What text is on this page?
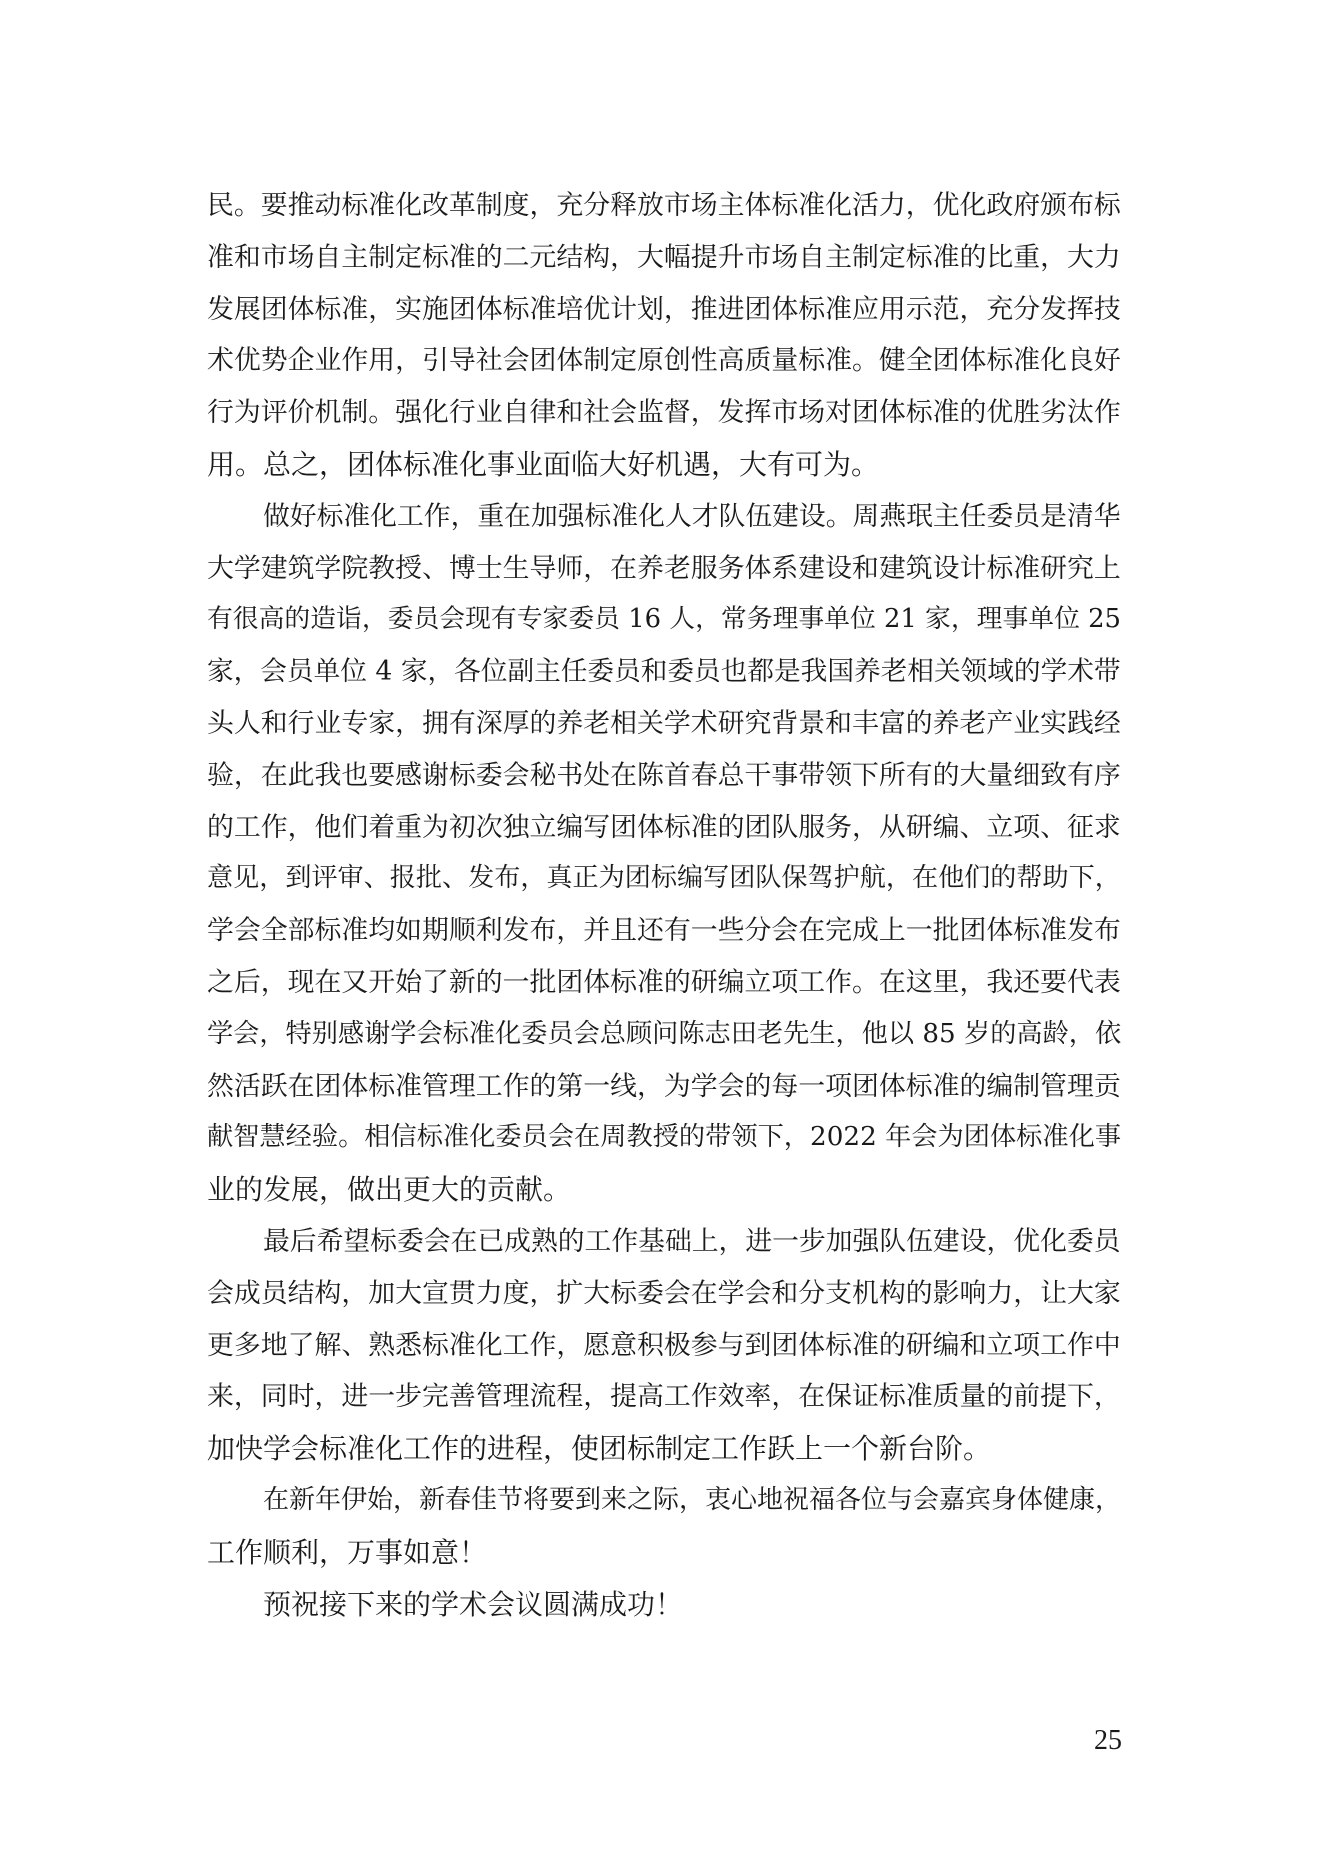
民。要推动标准化改革制度，充分释放市场主体标准化活力，优化政府颁布标
准和市场自主制定标准的二元结构，大幅提升市场自主制定标准的比重，大力
发展团体标准，实施团体标准培优计划，推进团体标准应用示范，充分发挥技
术优势企业作用，引导社会团体制定原创性高质量标准。健全团体标准化良好
行为评价机制。强化行业自律和社会监督，发挥市场对团体标准的优胜劣汰作
用。总之，团体标准化事业面临大好机遇，大有可为。
做好标准化工作，重在加强标准化人才队伍建设。周燕珉主任委员是清华
大学建筑学院教授、博士生导师，在养老服务体系建设和建筑设计标准研究上
有很高的造诣，委员会现有专家委员 16 人，常务理事单位 21 家，理事单位 25
家，会员单位 4 家，各位副主任委员和委员也都是我国养老相关领域的学术带
头人和行业专家，拥有深厚的养老相关学术研究背景和丰富的养老产业实践经
验，在此我也要感谢标委会秘书处在陈首春总干事带领下所有的大量细致有序
的工作，他们着重为初次独立编写团体标准的团队服务，从研编、立项、征求
意见，到评审、报批、发布，真正为团标编写团队保驾护航，在他们的帮助下，
学会全部标准均如期顺利发布，并且还有一些分会在完成上一批团体标准发布
之后，现在又开始了新的一批团体标准的研编立项工作。在这里，我还要代表
学会，特别感谢学会标准化委员会总顾问陈志田老先生，他以 85 岁的高龄，依
然活跃在团体标准管理工作的第一线，为学会的每一项团体标准的编制管理贡
献智慧经验。相信标准化委员会在周教授的带领下，2022 年会为团体标准化事
业的发展，做出更大的贡献。
最后希望标委会在已成熟的工作基础上，进一步加强队伍建设，优化委员
会成员结构，加大宣贯力度，扩大标委会在学会和分支机构的影响力，让大家
更多地了解、熟悉标准化工作，愿意积极参与到团体标准的研编和立项工作中
来，同时，进一步完善管理流程，提高工作效率，在保证标准质量的前提下，
加快学会标准化工作的进程，使团标制定工作跃上一个新台阶。
在新年伊始，新春佳节将要到来之际，衷心地祝福各位与会嘉宾身体健康，
工作顺利，万事如意！
预祝接下来的学术会议圆满成功！
25
